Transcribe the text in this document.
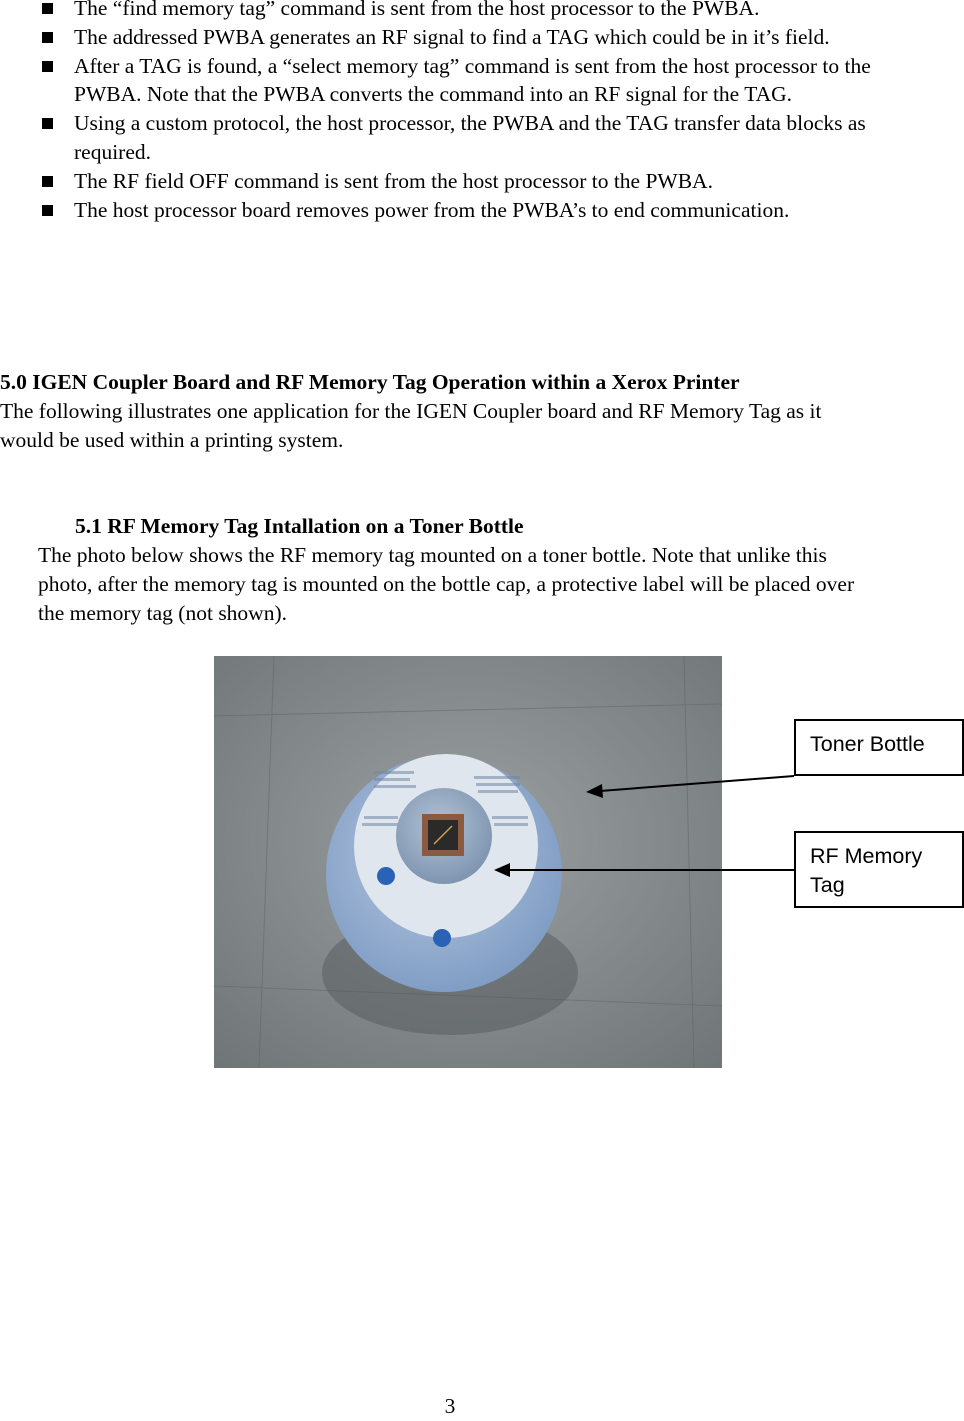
The “find memory tag” command is sent from the host processor to the PWBA.
The addressed PWBA generates an RF signal to find a TAG which could be in it’s field.
After a TAG is found, a “select memory tag” command is sent from the host processor to the PWBA. Note that the PWBA converts the command into an RF signal for the TAG.
Using a custom protocol, the host processor, the PWBA and the TAG transfer data blocks as required.
The RF field OFF command is sent from the host processor to the PWBA.
The host processor board removes power from the PWBA’s to end communication.
5.0 IGEN Coupler Board and RF Memory Tag Operation within a Xerox Printer
The following illustrates one application for the IGEN Coupler board and RF Memory Tag as it would be used within a printing system.
5.1 RF Memory Tag Intallation on a Toner Bottle
The photo below shows the RF memory tag mounted on a toner bottle. Note that unlike this photo, after the memory tag is mounted on the bottle cap, a protective label will be placed over the memory tag (not shown).
Toner Bottle
RF Memory Tag
3
